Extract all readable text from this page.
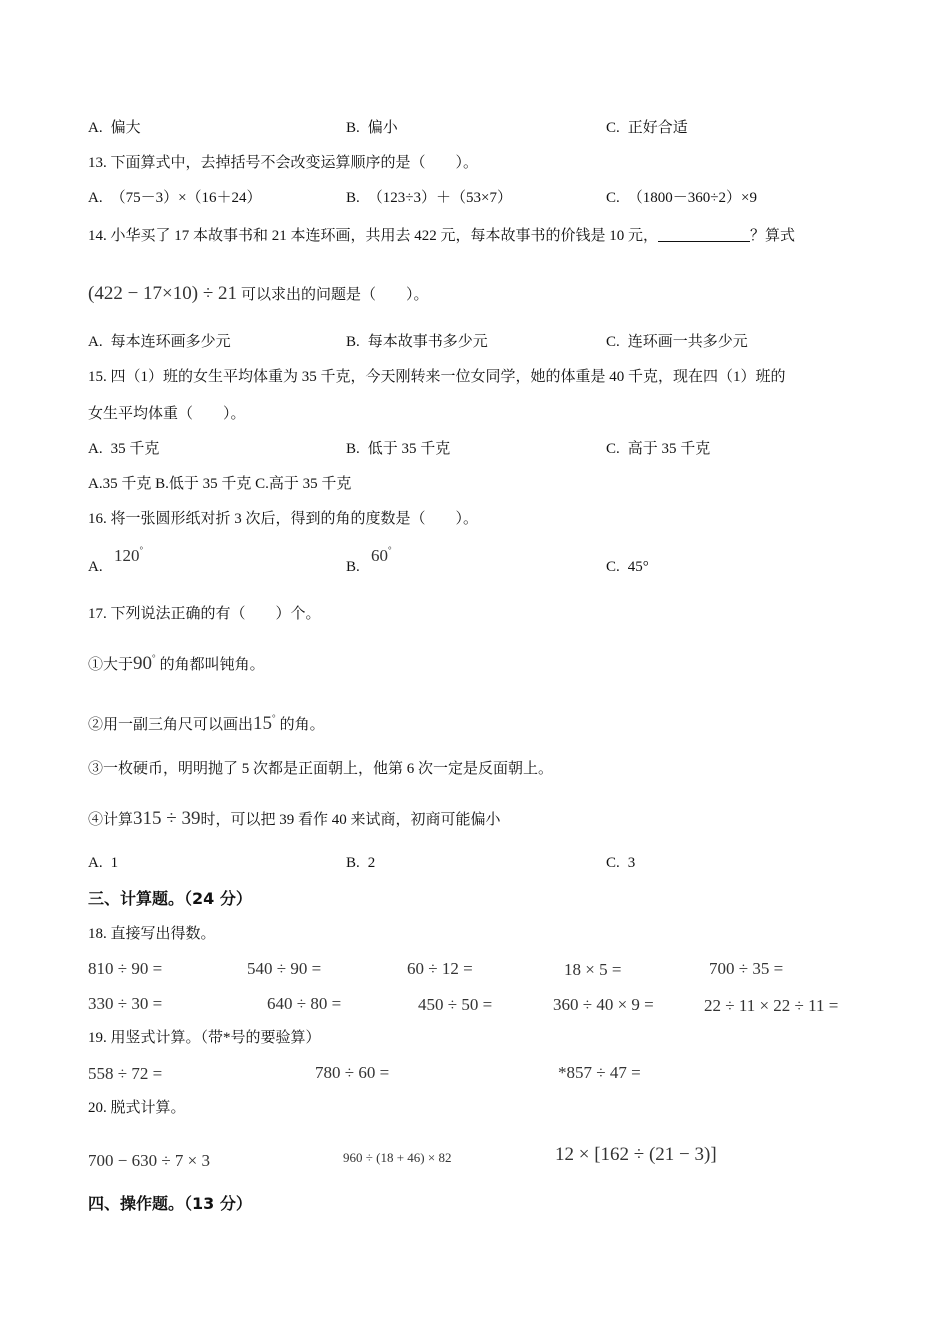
A. 偏大	B. 偏小	C. 正好合适
13. 下面算式中，去掉括号不会改变运算顺序的是（　　）。
A. （75－3）×（16＋24）	B. （123÷3）＋（53×7）	C. （1800－360÷2）×9
14. 小华买了 17 本故事书和 21 本连环画，共用去 422 元，每本故事书的价钱是 10 元，	？算式
(422 − 17×10) ÷ 21 可以求出的问题是（　　）。
A. 每本连环画多少元	B. 每本故事书多少元	C. 连环画一共多少元
15. 四（1）班的女生平均体重为 35 千克，今天刚转来一位女同学，她的体重是 40 千克，现在四（1）班的
女生平均体重（　　）。
A. 35 千克	B. 低于 35 千克	C. 高于 35 千克
A.35 千克 B.低于 35 千克 C.高于 35 千克
16. 将一张圆形纸对折 3 次后，得到的角的度数是（　　）。
A.
120°
B.
60°
C. 45°
17. 下列说法正确的有（　　）个。
①大于90° 的角都叫钝角。
②用一副三角尺可以画出15° 的角。
③一枚硬币，明明抛了 5 次都是正面朝上，他第 6 次一定是反面朝上。
④计算315 ÷ 39时，可以把 39 看作 40 来试商，初商可能偏小
A. 1	B. 2	C. 3
三、计算题。（24 分）
18. 直接写出得数。
810 ÷ 90 =	540 ÷ 90 =	60 ÷ 12 =	18 × 5 =	700 ÷ 35 =
330 ÷ 30 =	640 ÷ 80 =	450 ÷ 50 =	360 ÷ 40 × 9 =	22 ÷ 11 × 22 ÷ 11 =
19. 用竖式计算。（带*号的要验算）
558 ÷ 72 =	780 ÷ 60 =	*857 ÷ 47 =
20. 脱式计算。
700 − 630 ÷ 7 × 3	960 ÷ (18 + 46) × 82	12 × [162 ÷ (21 − 3)]
四、操作题。（13 分）
